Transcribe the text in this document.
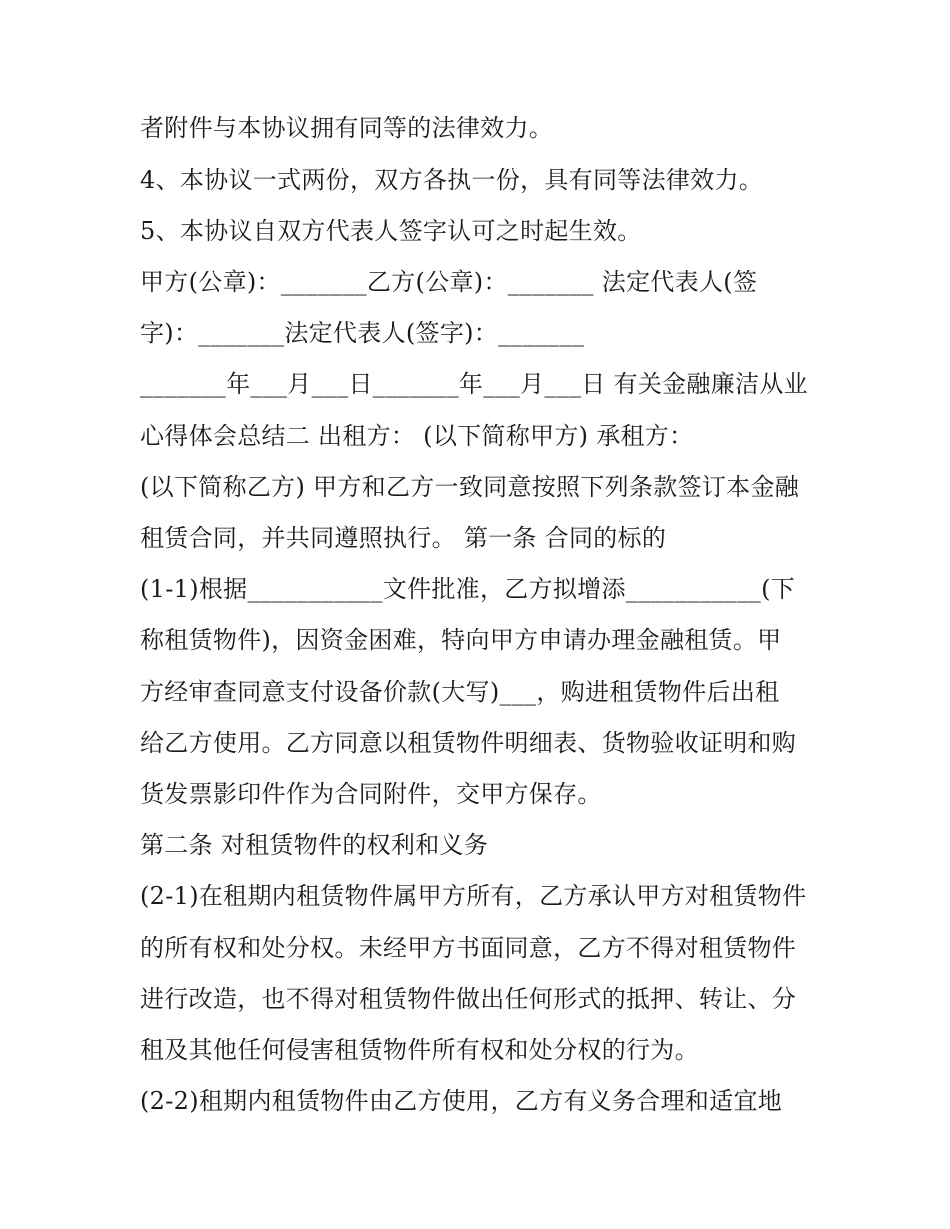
者附件与本协议拥有同等的法律效力。
4、本协议一式两份，双方各执一份，具有同等法律效力。
5、本协议自双方代表人签字认可之时起生效。
甲方(公章)：_______乙方(公章)：_______ 法定代表人(签
字)：_______法定代表人(签字)：_______
_______年___月___日_______年___月___日 有关金融廉洁从业
心得体会总结二 出租方： (以下简称甲方) 承租方：
(以下简称乙方) 甲方和乙方一致同意按照下列条款签订本金融
租赁合同，并共同遵照执行。 第一条 合同的标的
(1-1)根据___________文件批准，乙方拟增添___________(下
称租赁物件)，因资金困难，特向甲方申请办理金融租赁。甲
方经审查同意支付设备价款(大写)___，购进租赁物件后出租
给乙方使用。乙方同意以租赁物件明细表、货物验收证明和购
货发票影印件作为合同附件，交甲方保存。
第二条 对租赁物件的权利和义务
(2-1)在租期内租赁物件属甲方所有，乙方承认甲方对租赁物件
的所有权和处分权。未经甲方书面同意，乙方不得对租赁物件
进行改造，也不得对租赁物件做出任何形式的抵押、转让、分
租及其他任何侵害租赁物件所有权和处分权的行为。
(2-2)租期内租赁物件由乙方使用，乙方有义务合理和适宜地
